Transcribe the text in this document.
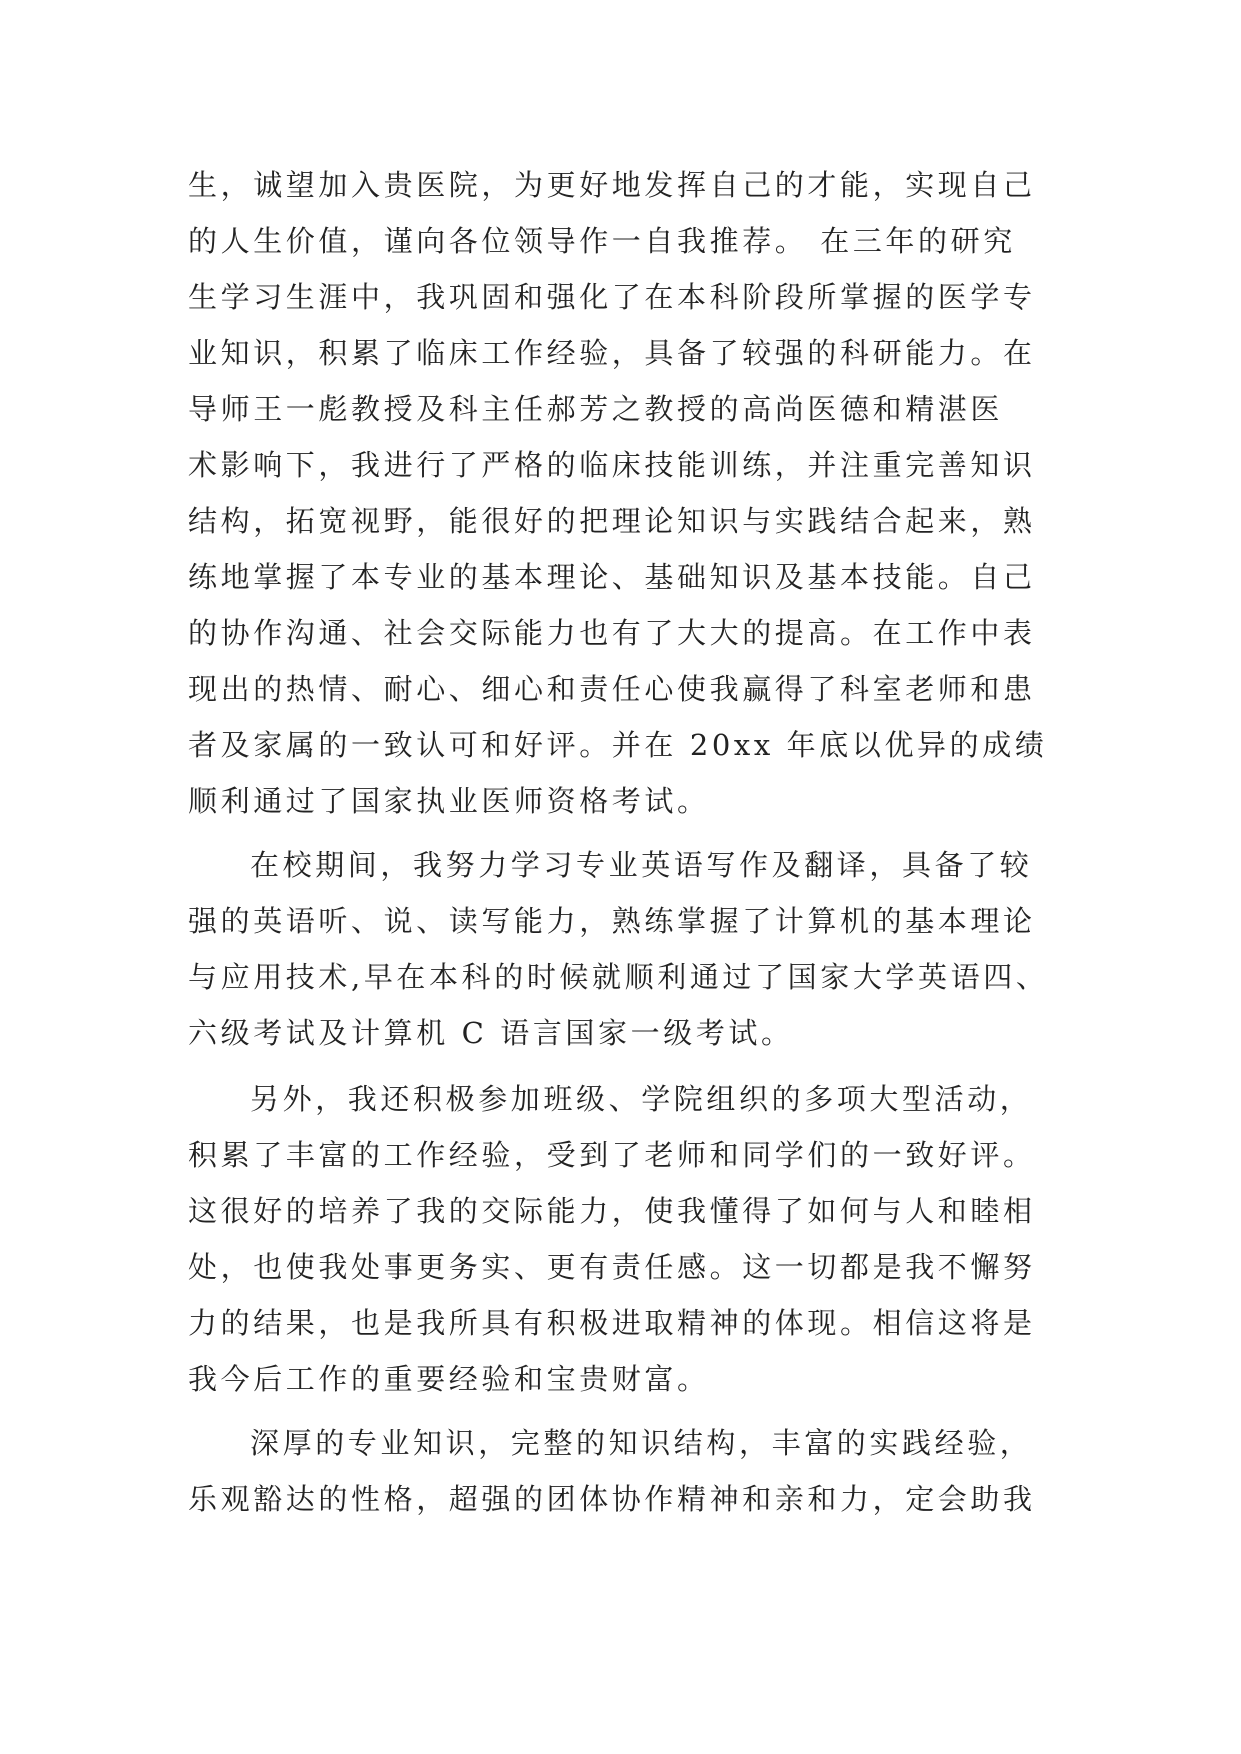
生，诚望加入贵医院，为更好地发挥自己的才能，实现自己
的人生价值，谨向各位领导作一自我推荐。 在三年的研究
生学习生涯中，我巩固和强化了在本科阶段所掌握的医学专
业知识，积累了临床工作经验，具备了较强的科研能力。在
导师王一彪教授及科主任郝芳之教授的高尚医德和精湛医
术影响下，我进行了严格的临床技能训练，并注重完善知识
结构，拓宽视野，能很好的把理论知识与实践结合起来，熟
练地掌握了本专业的基本理论、基础知识及基本技能。自己
的协作沟通、社会交际能力也有了大大的提高。在工作中表
现出的热情、耐心、细心和责任心使我赢得了科室老师和患
者及家属的一致认可和好评。并在 20xx 年底以优异的成绩
顺利通过了国家执业医师资格考试。
在校期间，我努力学习专业英语写作及翻译，具备了较
强的英语听、说、读写能力，熟练掌握了计算机的基本理论
与应用技术,早在本科的时候就顺利通过了国家大学英语四、
六级考试及计算机 C 语言国家一级考试。
另外，我还积极参加班级、学院组织的多项大型活动，
积累了丰富的工作经验，受到了老师和同学们的一致好评。
这很好的培养了我的交际能力，使我懂得了如何与人和睦相
处，也使我处事更务实、更有责任感。这一切都是我不懈努
力的结果，也是我所具有积极进取精神的体现。相信这将是
我今后工作的重要经验和宝贵财富。
深厚的专业知识，完整的知识结构，丰富的实践经验，
乐观豁达的性格，超强的团体协作精神和亲和力，定会助我
